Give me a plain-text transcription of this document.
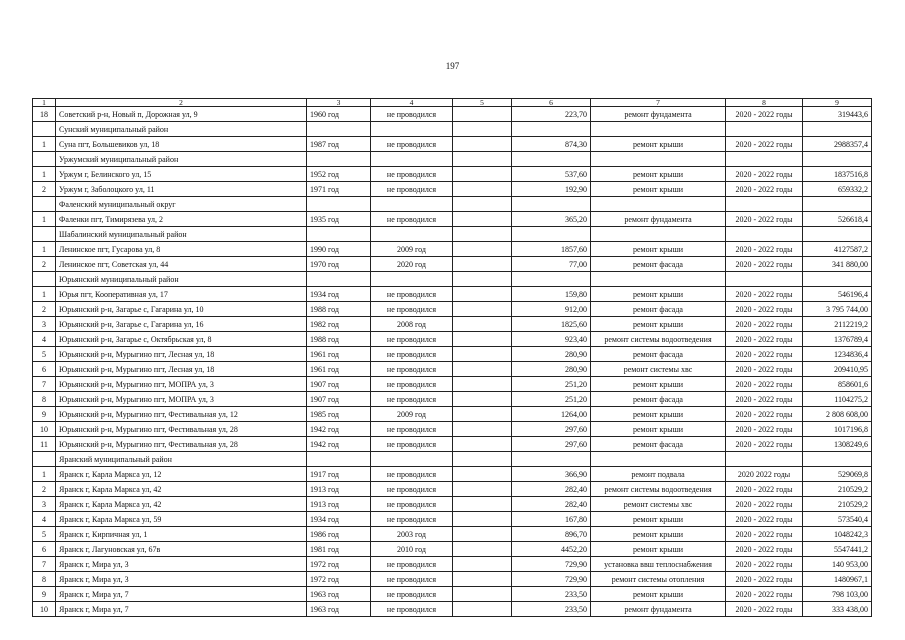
197
1	2	3	4	5	6	7	8	9
18	Советский р-н, Новый п, Дорожная ул, 9	1960 год	не проводился		223,70	ремонт фундамента	2020 - 2022 годы	319443,6
	Сунский муниципальный район							
1	Суна пгт, Большевиков ул, 18	1987 год	не проводился		874,30	ремонт крыши	2020 - 2022 годы	2988357,4
	Уржумский муниципальный район							
1	Уржум г, Белинского ул, 15	1952 год	не проводился		537,60	ремонт крыши	2020 - 2022 годы	1837516,8
2	Уржум г, Заболоцкого ул, 11	1971 год	не проводился		192,90	ремонт крыши	2020 - 2022 годы	659332,2
	Фаленский муниципальный округ							
1	Фаленки пгт, Тимирязева ул, 2	1935 год	не проводился		365,20	ремонт фундамента	2020 - 2022 годы	526618,4
	Шабалинский муниципальный район							
1	Ленинское пгт, Гусарова ул, 8	1990 год	2009 год		1857,60	ремонт крыши	2020 - 2022 годы	4127587,2
2	Ленинское пгт, Советская ул, 44	1970 год	2020 год		77,00	ремонт фасада	2020 - 2022 годы	341 880,00
	Юрьянский муниципальный район							
1	Юрья пгт, Кооперативная ул, 17	1934 год	не проводился		159,80	ремонт крыши	2020 - 2022 годы	546196,4
2	Юрьянский р-н, Загарье с, Гагарина ул, 10	1988 год	не проводился		912,00	ремонт фасада	2020 - 2022 годы	3 795 744,00
3	Юрьянский р-н, Загарье с, Гагарина ул, 16	1982 год	2008 год		1825,60	ремонт крыши	2020 - 2022 годы	2112219,2
4	Юрьянский р-н, Загарье с, Октябрьская ул, 8	1988 год	не проводился		923,40	ремонт системы водоотведения	2020 - 2022 годы	1376789,4
5	Юрьянский р-н, Мурыгино пгт, Лесная ул, 18	1961 год	не проводился		280,90	ремонт фасада	2020 - 2022 годы	1234836,4
6	Юрьянский р-н, Мурыгино пгт, Лесная ул, 18	1961 год	не проводился		280,90	ремонт системы хвс	2020 - 2022 годы	209410,95
7	Юрьянский р-н, Мурыгино пгт, МОПРА ул, 3	1907 год	не проводился		251,20	ремонт крыши	2020 - 2022 годы	858601,6
8	Юрьянский р-н, Мурыгино пгт, МОПРА ул, 3	1907 год	не проводился		251,20	ремонт фасада	2020 - 2022 годы	1104275,2
9	Юрьянский р-н, Мурыгино пгт, Фестивальная ул, 12	1985 год	2009 год		1264,00	ремонт крыши	2020 - 2022 годы	2 808 608,00
10	Юрьянский р-н, Мурыгино пгт, Фестивальная ул, 28	1942 год	не проводился		297,60	ремонт крыши	2020 - 2022 годы	1017196,8
11	Юрьянский р-н, Мурыгино пгт, Фестивальная ул, 28	1942 год	не проводился		297,60	ремонт фасада	2020 - 2022 годы	1308249,6
	Яранский муниципальный район							
1	Яранск г, Карла Маркса ул, 12	1917 год	не проводился		366,90	ремонт подвала	2020 2022 годы	529069,8
2	Яранск г, Карла Маркса ул, 42	1913 год	не проводился		282,40	ремонт системы водоотведения	2020 - 2022 годы	210529,2
3	Яранск г, Карла Маркса ул, 42	1913 год	не проводился		282,40	ремонт системы хвс	2020 - 2022 годы	210529,2
4	Яранск г, Карла Маркса ул, 59	1934 год	не проводился		167,80	ремонт крыши	2020 - 2022 годы	573540,4
5	Яранск г, Кирпичная ул, 1	1986 год	2003 год		896,70	ремонт крыши	2020 - 2022 годы	1048242,3
6	Яранск г, Лагуновская ул, 67в	1981 год	2010 год		4452,20	ремонт крыши	2020 - 2022 годы	5547441,2
7	Яранск г, Мира ул, 3	1972 год	не проводился		729,90	установка ввш теплоснабжения	2020 - 2022 годы	140 953,00
8	Яранск г, Мира ул, 3	1972 год	не проводился		729,90	ремонт системы отопления	2020 - 2022 годы	1480967,1
9	Яранск г, Мира ул, 7	1963 год	не проводился		233,50	ремонт крыши	2020 - 2022 годы	798 103,00
10	Яранск г, Мира ул, 7	1963 год	не проводился		233,50	ремонт фундамента	2020 - 2022 годы	333 438,00
